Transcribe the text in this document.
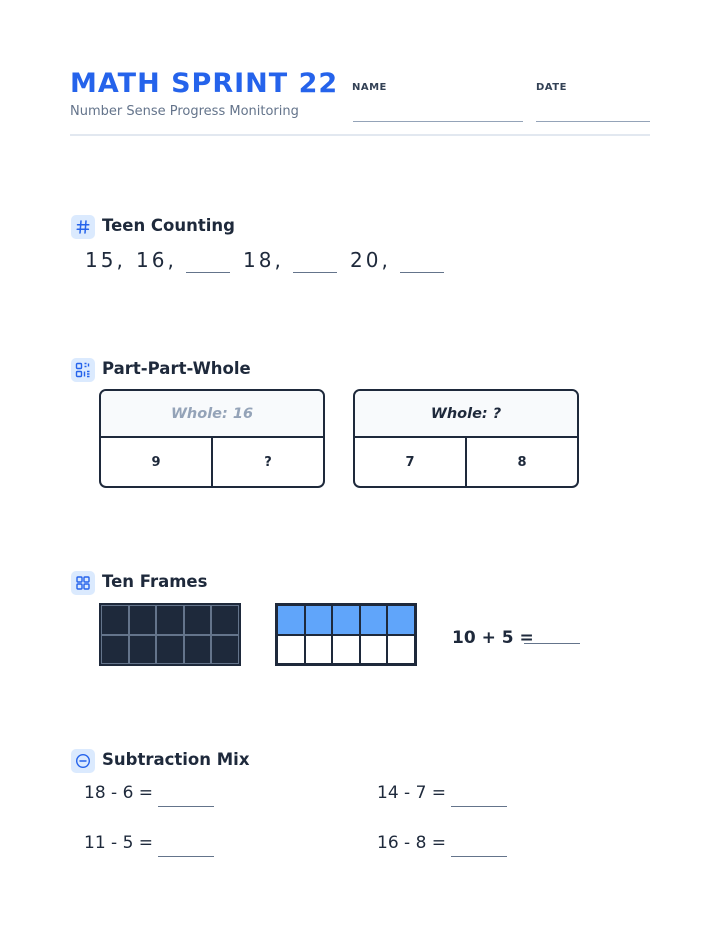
MATH SPRINT 22
Number Sense Progress Monitoring
NAME	DATE
Teen Counting
15, 16,	18,	20,
Part-Part-Whole
Whole: 16
9	?
Whole: ?
7	8
Ten Frames
10 + 5 =
Subtraction Mix
18 - 6 =	14 - 7 =
11 - 5 =	16 - 8 =
